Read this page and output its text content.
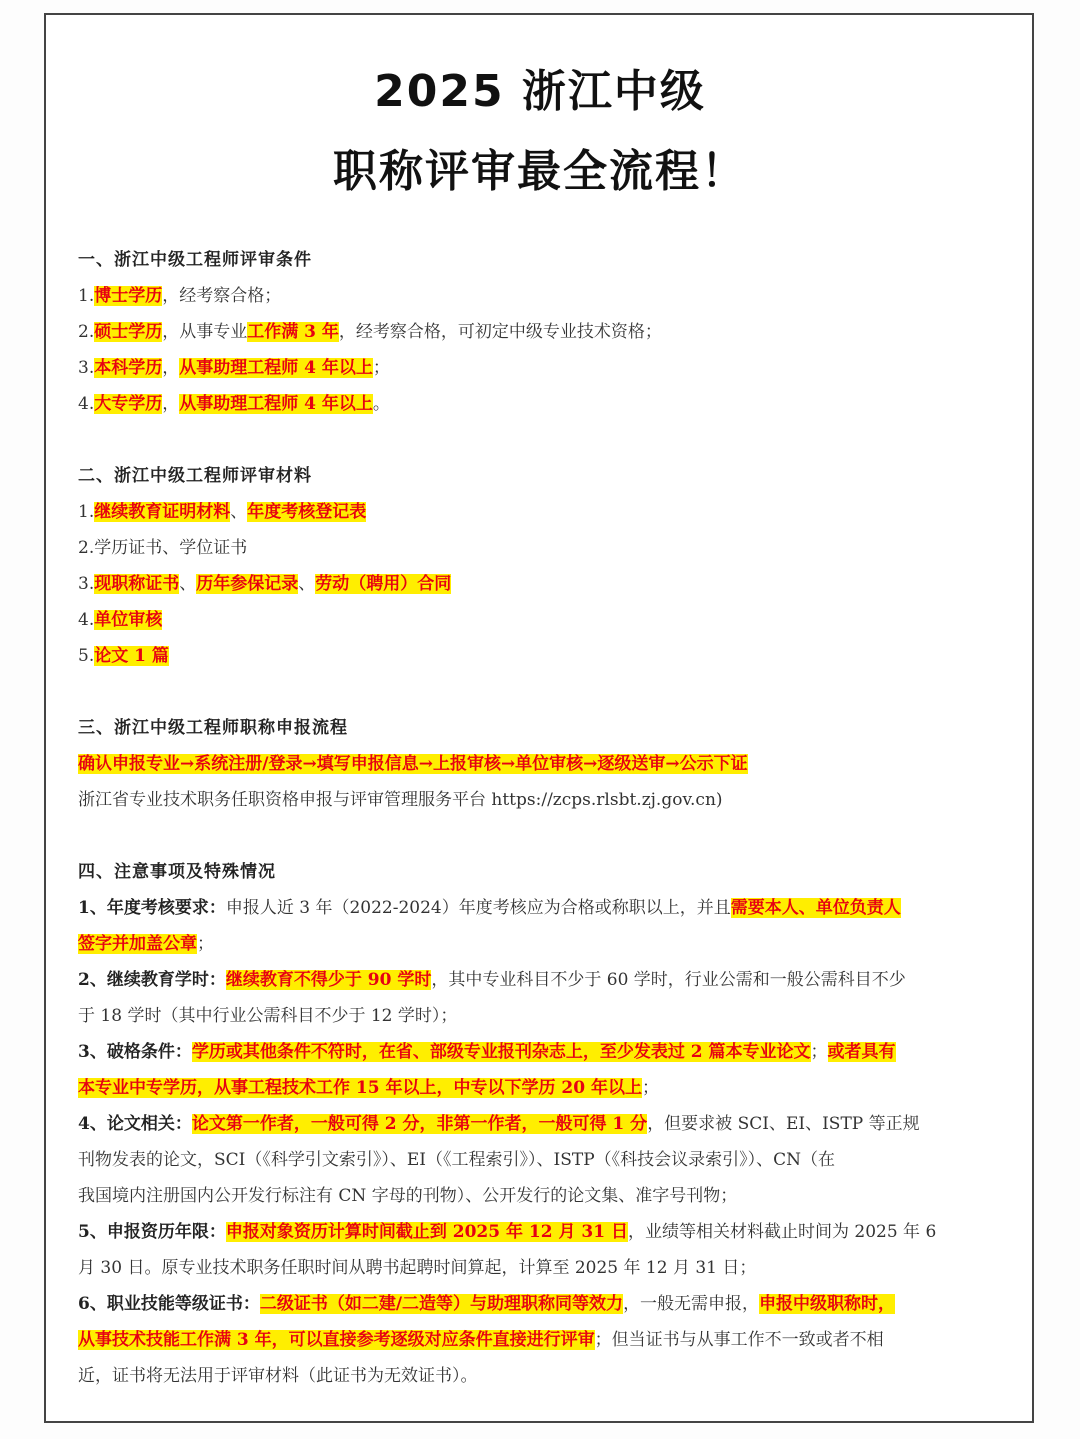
2025 浙江中级
职称评审最全流程！
一、浙江中级工程师评审条件
1.博士学历，经考察合格；
2.硕士学历，从事专业工作满 3 年，经考察合格，可初定中级专业技术资格；
3.本科学历，从事助理工程师 4 年以上；
4.大专学历，从事助理工程师 4 年以上。
二、浙江中级工程师评审材料
1.继续教育证明材料、年度考核登记表
2.学历证书、学位证书
3.现职称证书、历年参保记录、劳动（聘用）合同
4.单位审核
5.论文 1 篇
三、浙江中级工程师职称申报流程
确认申报专业→系统注册/登录→填写申报信息→上报审核→单位审核→逐级送审→公示下证
浙江省专业技术职务任职资格申报与评审管理服务平台 https://zcps.rlsbt.zj.gov.cn)
四、注意事项及特殊情况
1、年度考核要求：申报人近 3 年（2022-2024）年度考核应为合格或称职以上，并且需要本人、单位负责人
签字并加盖公章；
2、继续教育学时：继续教育不得少于 90 学时，其中专业科目不少于 60 学时，行业公需和一般公需科目不少
于 18 学时（其中行业公需科目不少于 12 学时）；
3、破格条件：学历或其他条件不符时，在省、部级专业报刊杂志上，至少发表过 2 篇本专业论文；或者具有
本专业中专学历，从事工程技术工作 15 年以上，中专以下学历 20 年以上；
4、论文相关：论文第一作者，一般可得 2 分，非第一作者，一般可得 1 分，但要求被 SCI、EI、ISTP 等正规
刊物发表的论文，SCI（《科学引文索引》）、EI（《工程索引》）、ISTP（《科技会议录索引》）、CN（在
我国境内注册国内公开发行标注有 CN 字母的刊物）、公开发行的论文集、准字号刊物；
5、申报资历年限：申报对象资历计算时间截止到 2025 年 12 月 31 日，业绩等相关材料截止时间为 2025 年 6
月 30 日。原专业技术职务任职时间从聘书起聘时间算起，计算至 2025 年 12 月 31 日；
6、职业技能等级证书：二级证书（如二建/二造等）与助理职称同等效力，一般无需申报，申报中级职称时，
从事技术技能工作满 3 年，可以直接参考逐级对应条件直接进行评审；但当证书与从事工作不一致或者不相
近，证书将无法用于评审材料（此证书为无效证书）。
